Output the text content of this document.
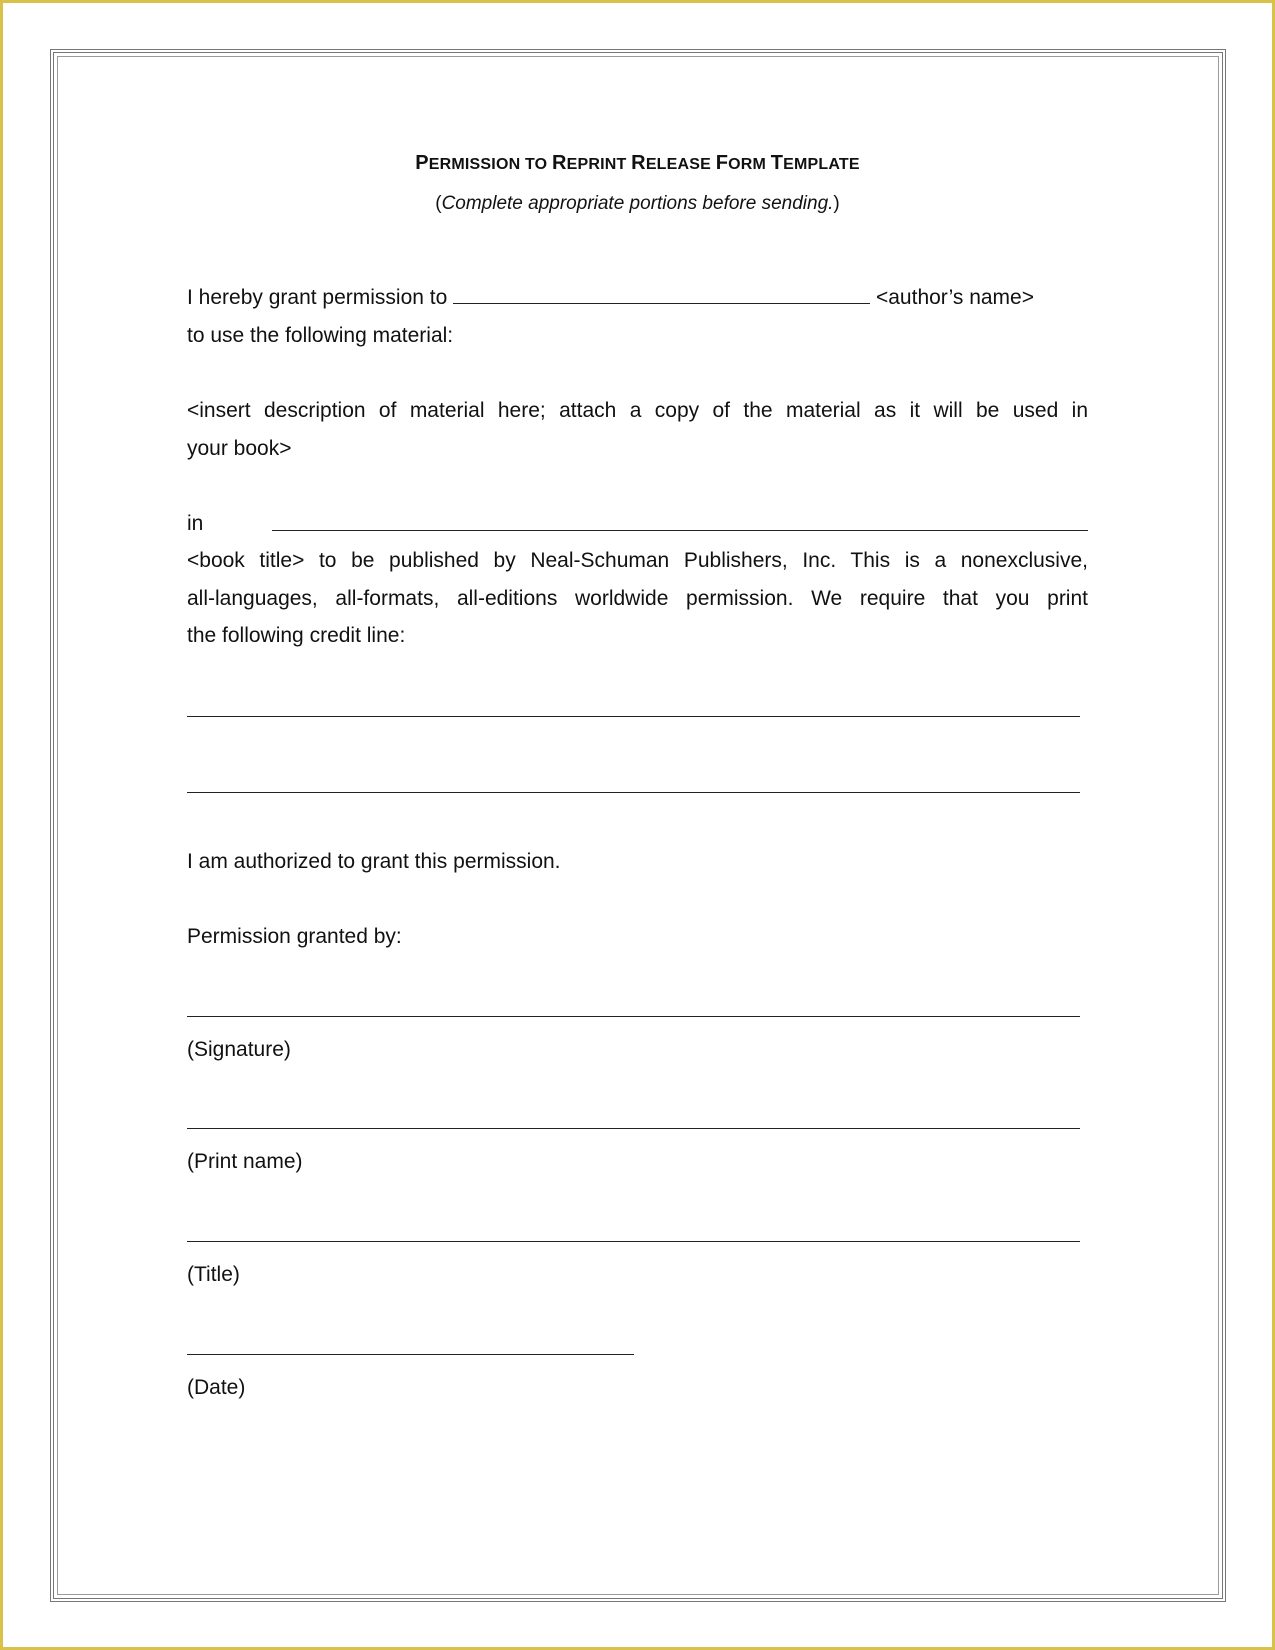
PERMISSION TO REPRINT RELEASE FORM TEMPLATE
(Complete appropriate portions before sending.)
I hereby grant permission to	<author’s name>
to use the following material:
<insert description of material here; attach a copy of the material as it will be used in
your book>
in
<book title> to be published by Neal-Schuman Publishers, Inc. This is a nonexclusive,
all-languages, all-formats, all-editions worldwide permission. We require that you print
the following credit line:
I am authorized to grant this permission.
Permission granted by:
(Signature)
(Print name)
(Title)
(Date)
